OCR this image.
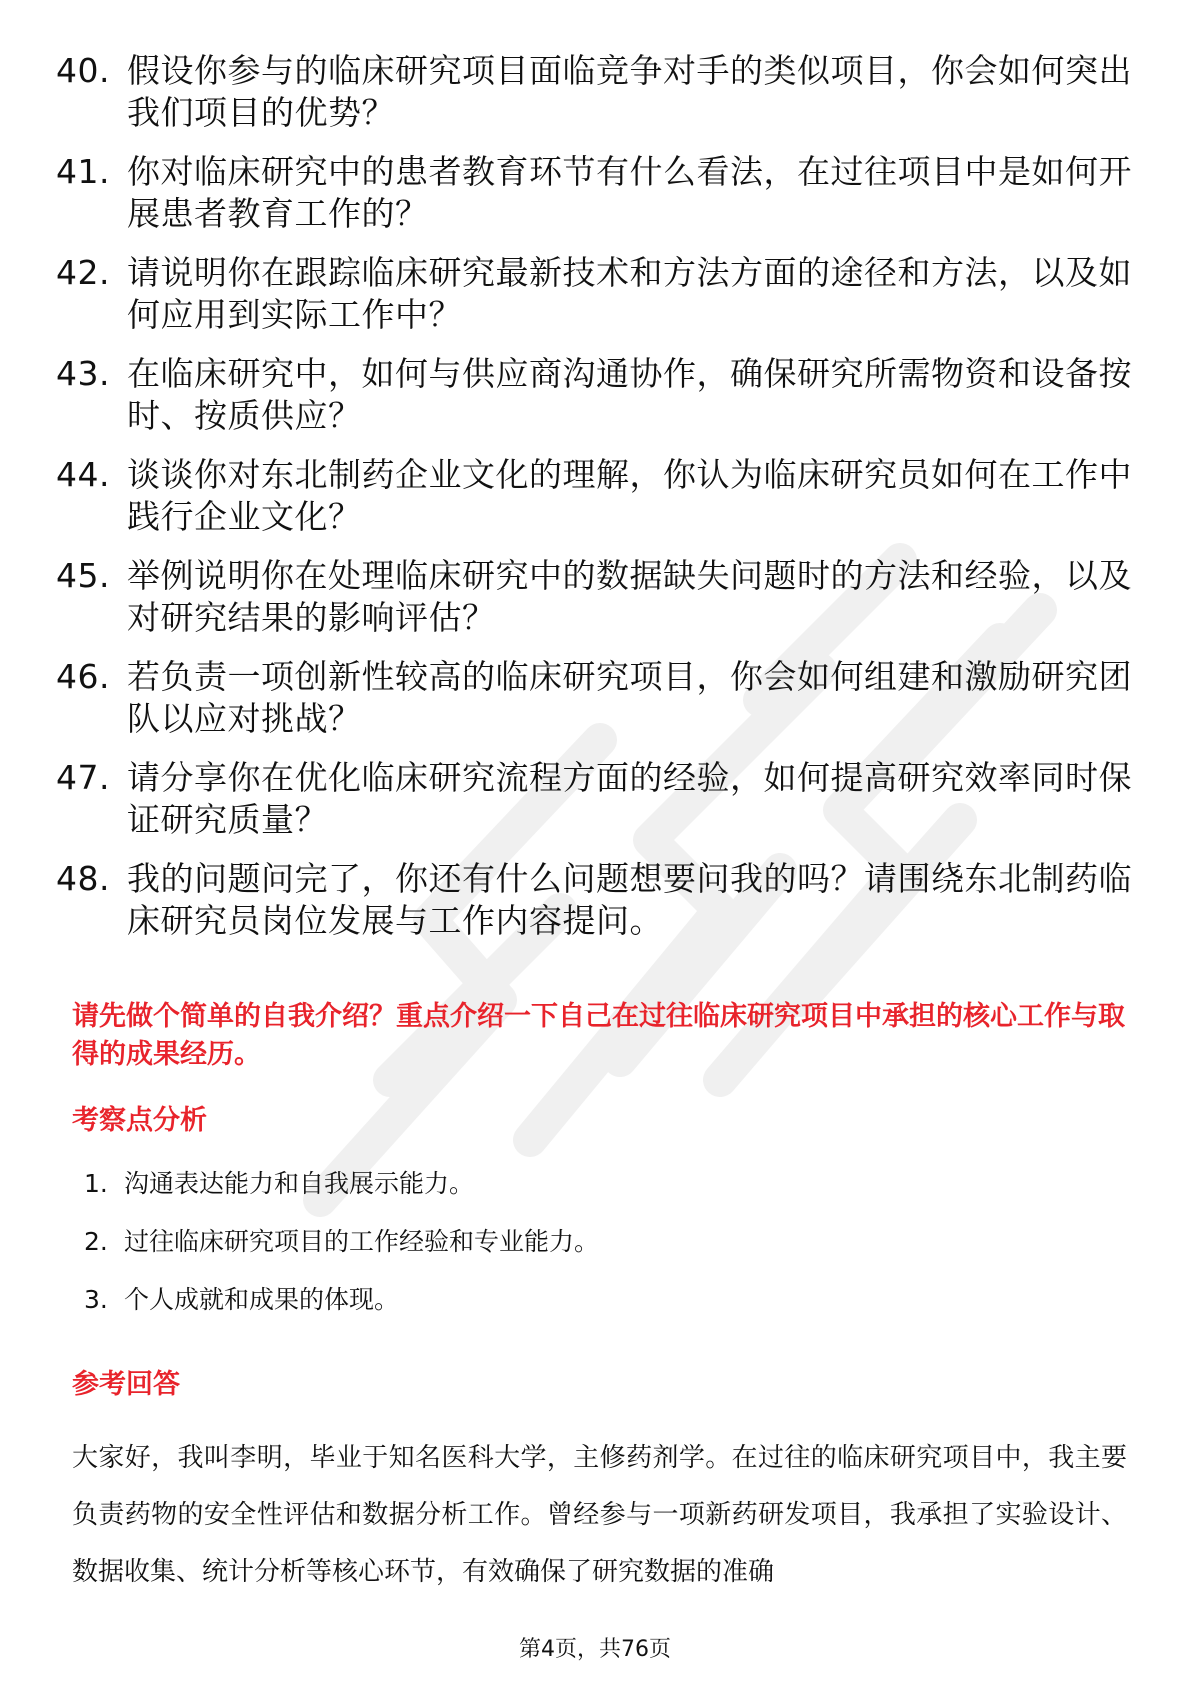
40. 假设你参与的临床研究项目面临竞争对手的类似项目，你会如何突出我们项目的优势？
41. 你对临床研究中的患者教育环节有什么看法，在过往项目中是如何开展患者教育工作的？
42. 请说明你在跟踪临床研究最新技术和方法方面的途径和方法，以及如何应用到实际工作中？
43. 在临床研究中，如何与供应商沟通协作，确保研究所需物资和设备按时、按质供应？
44. 谈谈你对东北制药企业文化的理解，你认为临床研究员如何在工作中践行企业文化？
45. 举例说明你在处理临床研究中的数据缺失问题时的方法和经验，以及对研究结果的影响评估？
46. 若负责一项创新性较高的临床研究项目，你会如何组建和激励研究团队以应对挑战？
47. 请分享你在优化临床研究流程方面的经验，如何提高研究效率同时保证研究质量？
48. 我的问题问完了，你还有什么问题想要问我的吗？请围绕东北制药临床研究员岗位发展与工作内容提问。
请先做个简单的自我介绍？重点介绍一下自己在过往临床研究项目中承担的核心工作与取得的成果经历。
考察点分析
1. 沟通表达能力和自我展示能力。
2. 过往临床研究项目的工作经验和专业能力。
3. 个人成就和成果的体现。
参考回答
大家好，我叫李明，毕业于知名医科大学，主修药剂学。在过往的临床研究项目中，我主要负责药物的安全性评估和数据分析工作。曾经参与一项新药研发项目，我承担了实验设计、数据收集、统计分析等核心环节，有效确保了研究数据的准确
第4页，共76页
